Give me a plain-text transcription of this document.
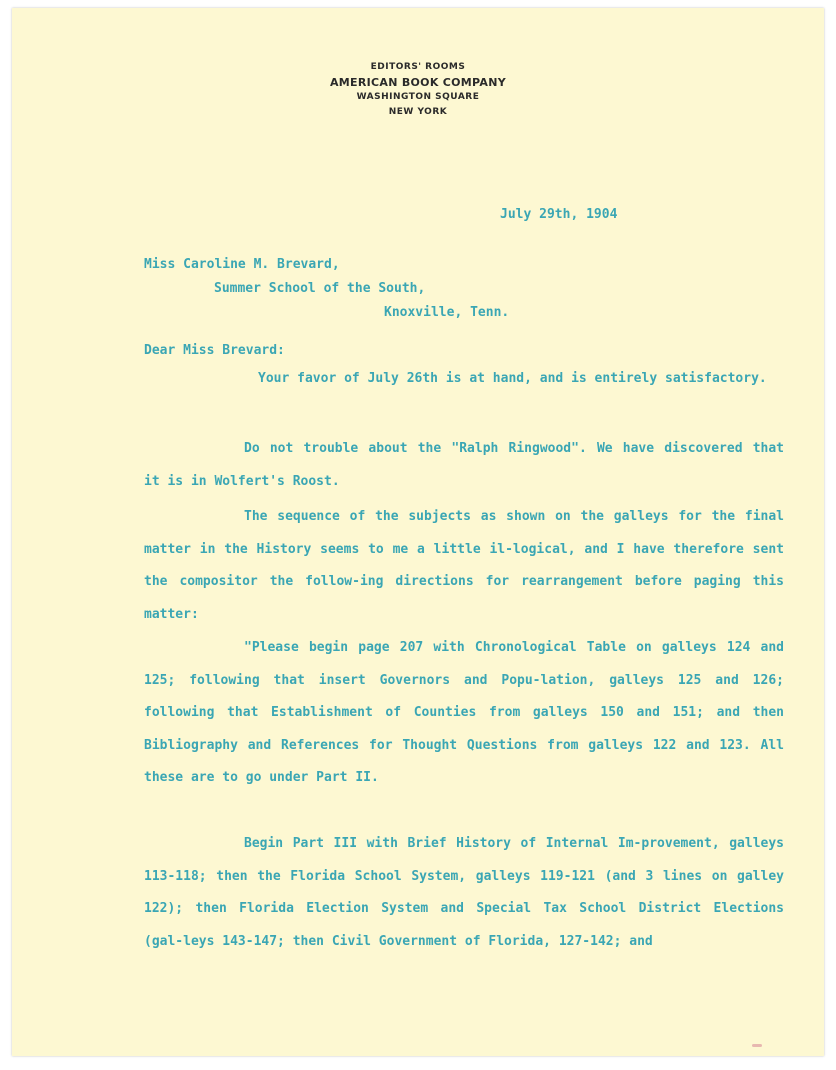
EDITORS' ROOMS
AMERICAN BOOK COMPANY
WASHINGTON SQUARE
NEW YORK
July 29th, 1904
Miss Caroline M. Brevard,
Summer School of the South,
Knoxville, Tenn.
Dear Miss Brevard:
Your favor of July 26th is at hand, and is entirely satisfactory.
Do not trouble about the "Ralph Ringwood". We have discovered that it is in Wolfert's Roost.
The sequence of the subjects as shown on the galleys for the final matter in the History seems to me a little il-logical, and I have therefore sent the compositor the follow-ing directions for rearrangement before paging this matter:
"Please begin page 207 with Chronological Table on galleys 124 and 125; following that insert Governors and Popu-lation, galleys 125 and 126; following that Establishment of Counties from galleys 150 and 151; and then Bibliography and References for Thought Questions from galleys 122 and 123. All these are to go under Part II.
Begin Part III with Brief History of Internal Im-provement, galleys 113-118; then the Florida School System, galleys 119-121 (and 3 lines on galley 122); then Florida Election System and Special Tax School District Elections (gal-leys 143-147; then Civil Government of Florida, 127-142; and
